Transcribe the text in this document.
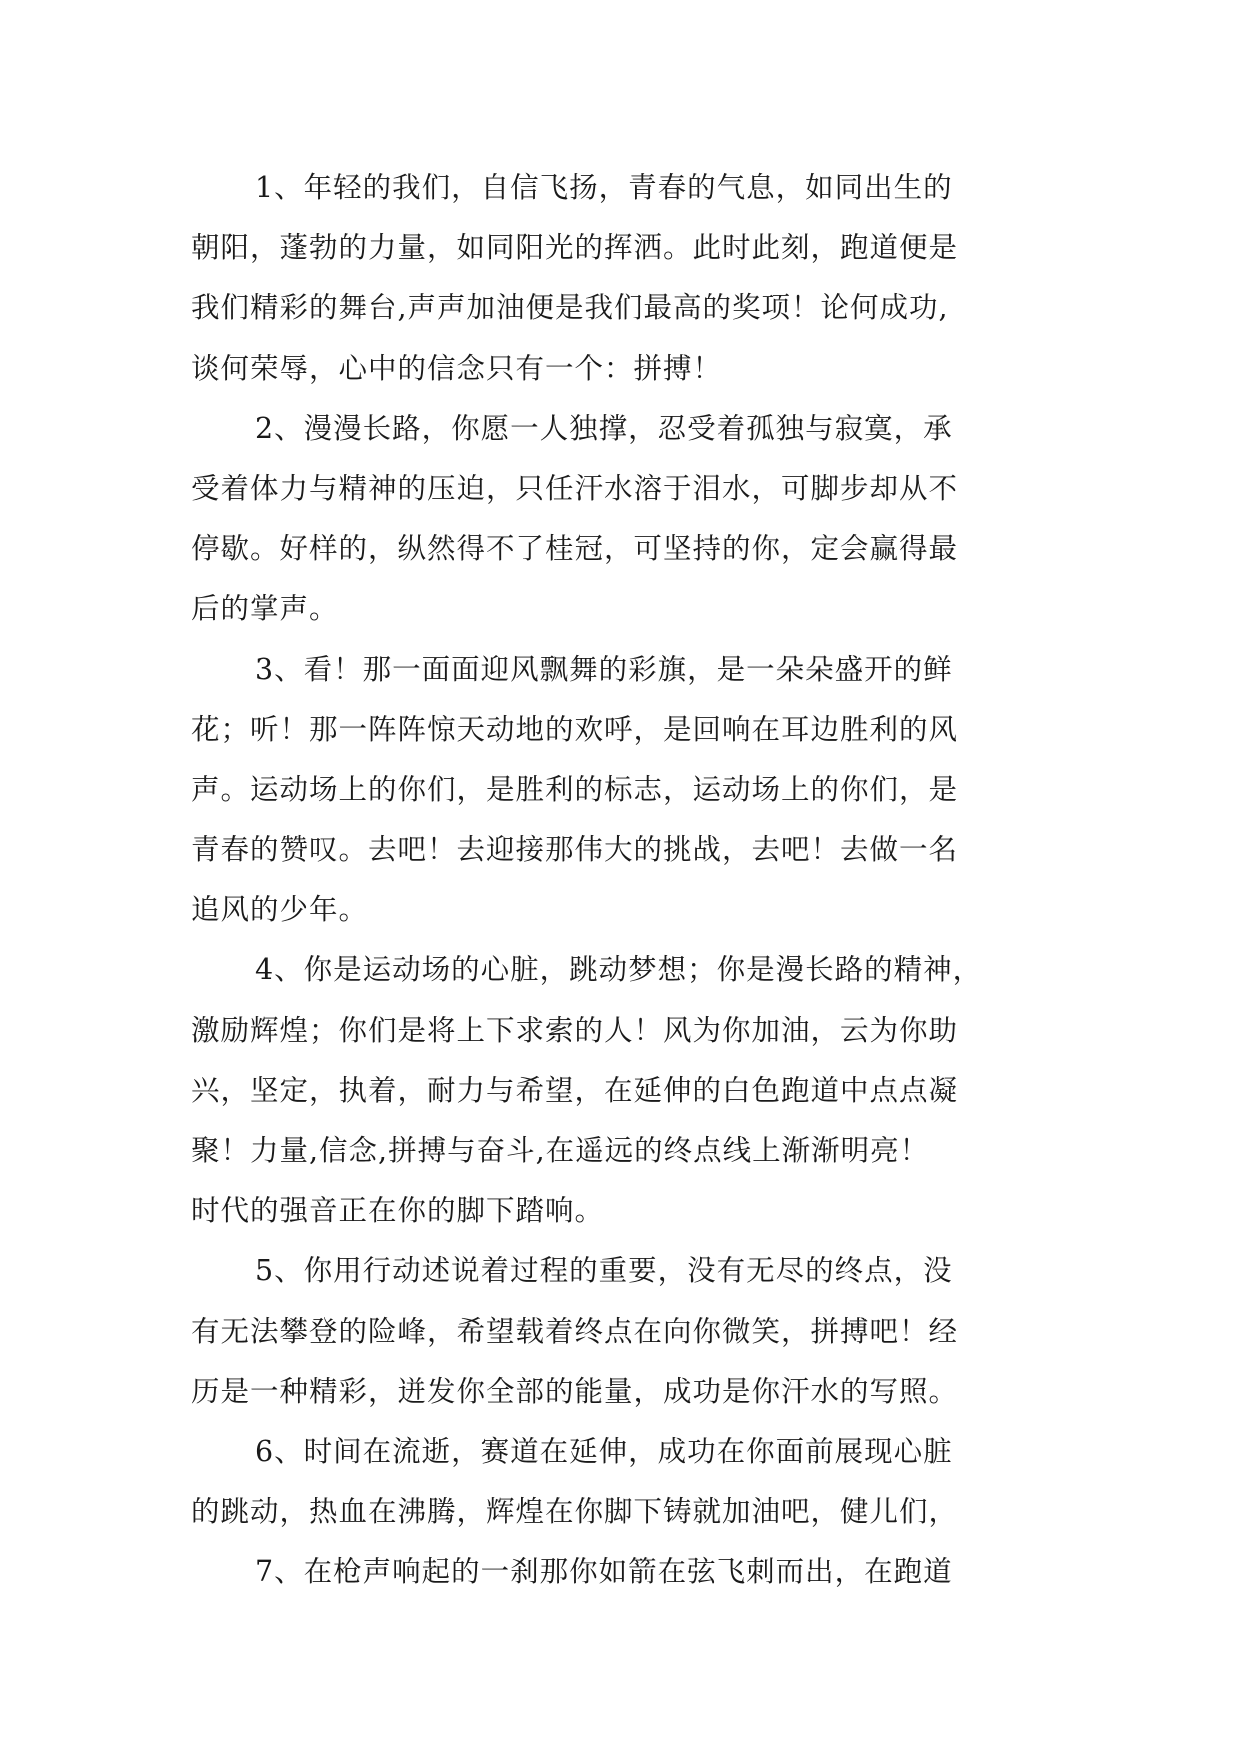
1、年轻的我们，自信飞扬，青春的气息，如同出生的
朝阳，蓬勃的力量，如同阳光的挥洒。此时此刻，跑道便是
我们精彩的舞台,声声加油便是我们最高的奖项！论何成功,
谈何荣辱，心中的信念只有一个：拼搏！
2、漫漫长路，你愿一人独撑，忍受着孤独与寂寞，承
受着体力与精神的压迫，只任汗水溶于泪水，可脚步却从不
停歇。好样的，纵然得不了桂冠，可坚持的你，定会赢得最
后的掌声。
3、看！那一面面迎风飘舞的彩旗，是一朵朵盛开的鲜
花；听！那一阵阵惊天动地的欢呼，是回响在耳边胜利的风
声。运动场上的你们，是胜利的标志，运动场上的你们，是
青春的赞叹。去吧！去迎接那伟大的挑战，去吧！去做一名
追风的少年。
4、你是运动场的心脏，跳动梦想；你是漫长路的精神，
激励辉煌；你们是将上下求索的人！风为你加油，云为你助
兴，坚定，执着，耐力与希望，在延伸的白色跑道中点点凝
聚！力量,信念,拼搏与奋斗,在遥远的终点线上渐渐明亮！
时代的强音正在你的脚下踏响。
5、你用行动述说着过程的重要，没有无尽的终点，没
有无法攀登的险峰，希望载着终点在向你微笑，拼搏吧！经
历是一种精彩，迸发你全部的能量，成功是你汗水的写照。
6、时间在流逝，赛道在延伸，成功在你面前展现心脏
的跳动，热血在沸腾，辉煌在你脚下铸就加油吧，健儿们，
7、在枪声响起的一刹那你如箭在弦飞刺而出，在跑道
